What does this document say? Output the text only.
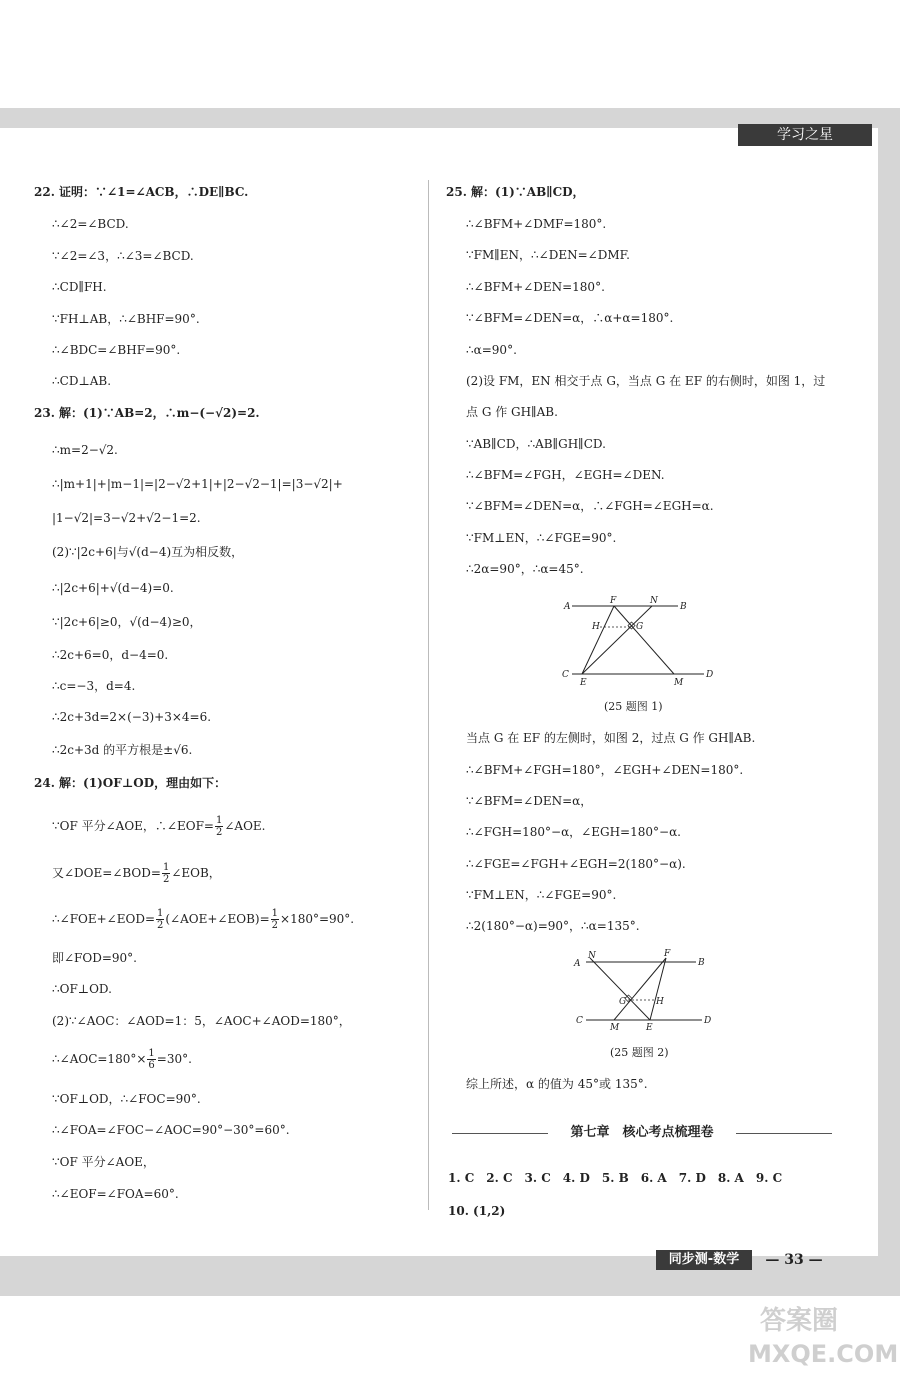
学习之星
同步测-数学	— 33 —
22. 证明：∵∠1=∠ACB，∴DE∥BC.
∴∠2=∠BCD.
∵∠2=∠3，∴∠3=∠BCD.
∴CD∥FH.
∵FH⊥AB，∴∠BHF=90°.
∴∠BDC=∠BHF=90°.
∴CD⊥AB.
23. 解：(1)∵AB=2，∴m−(−√2)=2.
∴m=2−√2.
∴|m+1|+|m−1|=|2−√2+1|+|2−√2−1|=|3−√2|+
|1−√2|=3−√2+√2−1=2.
(2)∵|2c+6|与√(d−4)互为相反数，
∴|2c+6|+√(d−4)=0.
∵|2c+6|≥0，√(d−4)≥0，
∴2c+6=0，d−4=0.
∴c=−3，d=4.
∴2c+3d=2×(−3)+3×4=6.
∴2c+3d 的平方根是±√6.
24. 解：(1)OF⊥OD，理由如下：
即∠FOD=90°.
∴OF⊥OD.
(2)∵∠AOC：∠AOD=1：5，∠AOC+∠AOD=180°，
∵OF⊥OD，∴∠FOC=90°.
∴∠FOA=∠FOC−∠AOC=90°−30°=60°.
∵OF 平分∠AOE，
∴∠EOF=∠FOA=60°.
25. 解：(1)∵AB∥CD，
∴∠BFM+∠DMF=180°.
∵FM∥EN，∴∠DEN=∠DMF.
∴∠BFM+∠DEN=180°.
∵∠BFM=∠DEN=α，∴α+α=180°.
∴α=90°.
(2)设 FM，EN 相交于点 G，当点 G 在 EF 的右侧时，如图 1，过
点 G 作 GH∥AB.
∵AB∥CD，∴AB∥GH∥CD.
∴∠BFM=∠FGH，∠EGH=∠DEN.
∵∠BFM=∠DEN=α，∴∠FGH=∠EGH=α.
∵FM⊥EN，∴∠FGE=90°.
∴2α=90°，∴α=45°.
当点 G 在 EF 的左侧时，如图 2，过点 G 作 GH∥AB.
∴∠BFM+∠FGH=180°，∠EGH+∠DEN=180°.
∵∠BFM=∠DEN=α，
∴∠FGH=180°−α，∠EGH=180°−α.
∴∠FGE=∠FGH+∠EGH=2(180°−α).
∵FM⊥EN，∴∠FGE=90°.
∴2(180°−α)=90°，∴α=135°.
综上所述，α 的值为 45°或 135°.
1. C　2. C　3. C　4. D　5. B　6. A　7. D　8. A　9. C
10. (1,2)
∵OF 平分∠AOE，∴∠EOF= $\frac{1}{2}$ ∠AOE.
又∠DOE=∠BOD= $\frac{1}{2}$ ∠EOB，
∴∠FOE+∠EOD= $\frac{1}{2}$ (∠AOE+∠EOB)= $\frac{1}{2} \times 180^\circ=90^\circ$.
∴∠AOC=180°× $\frac{1}{6} =30^\circ$.
A	B
C	D
F	N
E	M
H	G
(25 题图 1)
A	B
C	D
N	F
M	E
G	H
(25 题图 2)
第七章　核心考点梳理卷
答案圈
MXQE.COM
